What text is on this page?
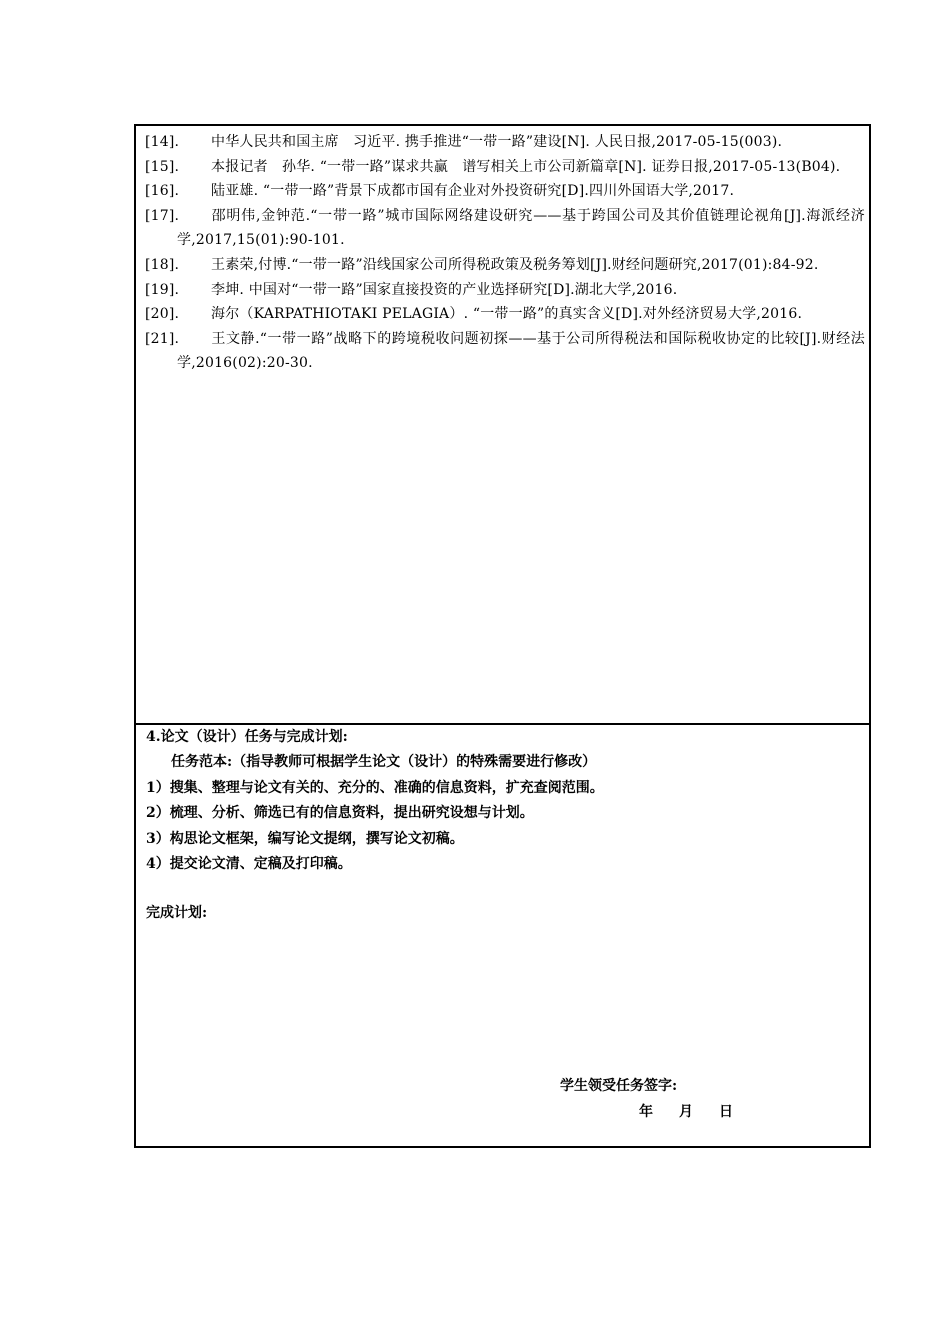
[14]. 中华人民共和国主席　习近平. 携手推进“一带一路”建设[N]. 人民日报,2017-05-15(003).
[15]. 本报记者　孙华. “一带一路”谋求共赢　谱写相关上市公司新篇章[N]. 证券日报,2017-05-13(B04).
[16]. 陆亚雄. “一带一路”背景下成都市国有企业对外投资研究[D].四川外国语大学,2017.
[17]. 邵明伟,金钟范.“一带一路”城市国际网络建设研究——基于跨国公司及其价值链理论视角[J].海派经济学,2017,15(01):90-101.
[18]. 王素荣,付博.“一带一路”沿线国家公司所得税政策及税务筹划[J].财经问题研究,2017(01):84-92.
[19]. 李坤. 中国对“一带一路”国家直接投资的产业选择研究[D].湖北大学,2016.
[20]. 海尔（KARPATHIOTAKI PELAGIA）. “一带一路”的真实含义[D].对外经济贸易大学,2016.
[21]. 王文静.“一带一路”战略下的跨境税收问题初探——基于公司所得税法和国际税收协定的比较[J].财经法学,2016(02):20-30.

4.论文（设计）任务与完成计划:

任务范本:（指导教师可根据学生论文（设计）的特殊需要进行修改）

1）搜集、整理与论文有关的、充分的、准确的信息资料，扩充查阅范围。

2）梳理、分析、筛选已有的信息资料，提出研究设想与计划。

3）构思论文框架，编写论文提纲，撰写论文初稿。

4）提交论文清、定稿及打印稿。

完成计划:
学生领受任务签字:
年 月 日
